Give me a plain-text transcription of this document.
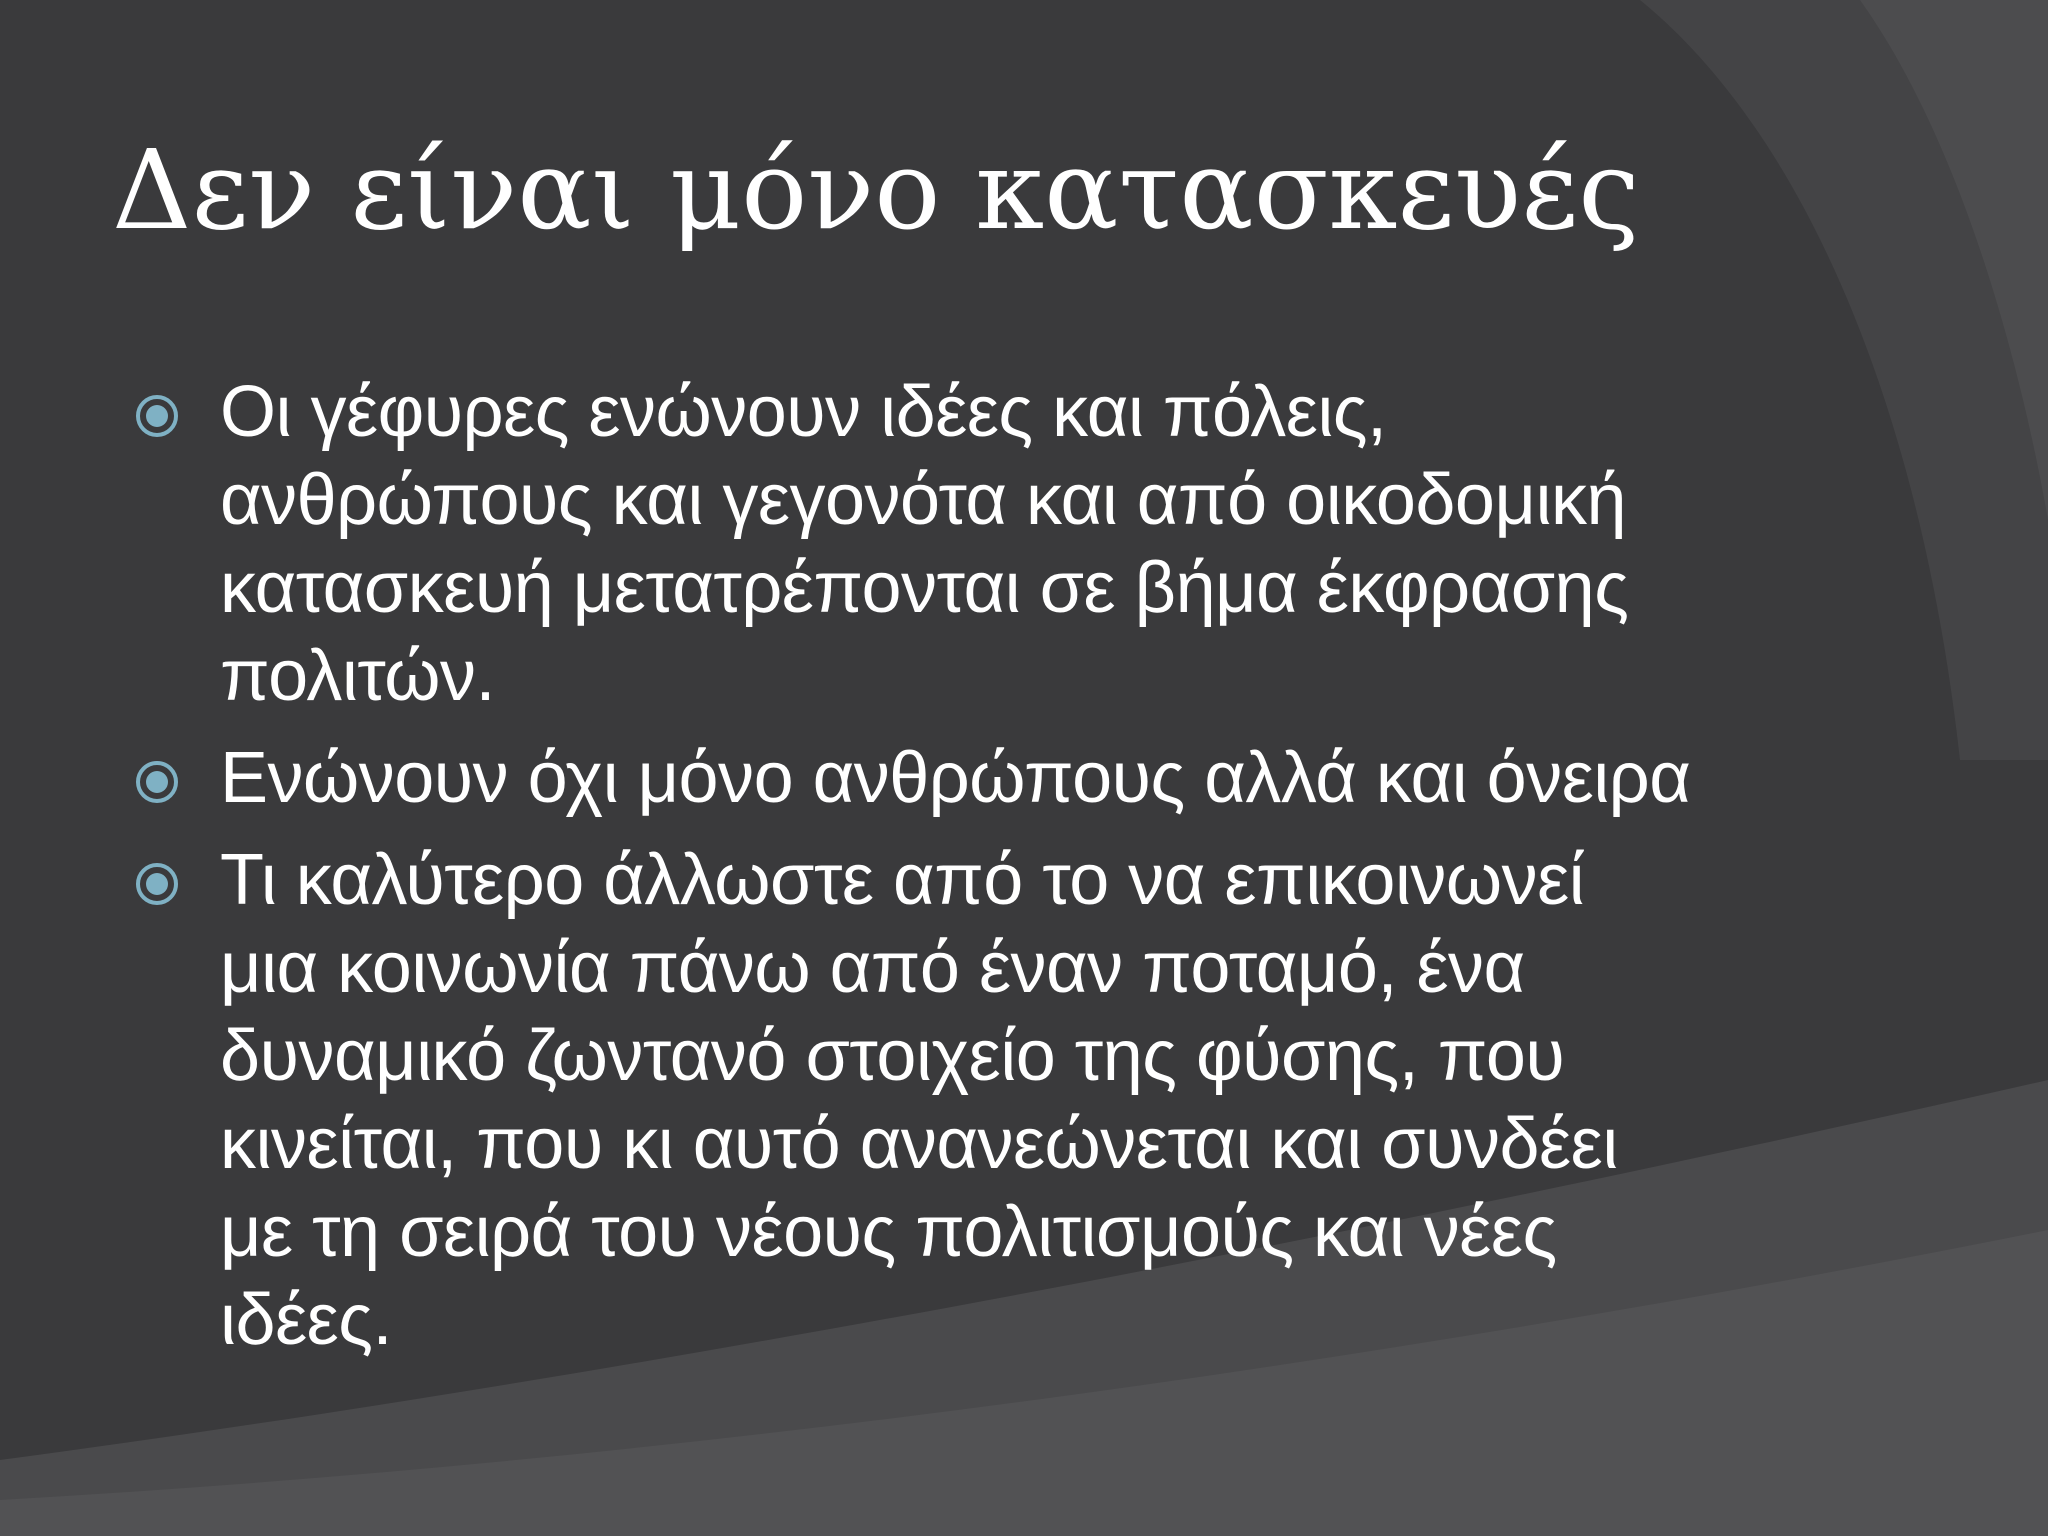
Δεν είναι μόνο κατασκευές
Οι γέφυρες ενώνουν ιδέες και πόλεις,
ανθρώπους και γεγονότα και από οικοδομική
κατασκευή μετατρέπονται σε βήμα έκφρασης
πολιτών.
Ενώνουν όχι μόνο ανθρώπους αλλά και όνειρα
Τι καλύτερο άλλωστε από το να επικοινωνεί
μια κοινωνία πάνω από έναν ποταμό, ένα
δυναμικό ζωντανό στοιχείο της φύσης, που
κινείται, που κι αυτό ανανεώνεται και συνδέει
με τη σειρά του νέους πολιτισμούς και νέες
ιδέες.
